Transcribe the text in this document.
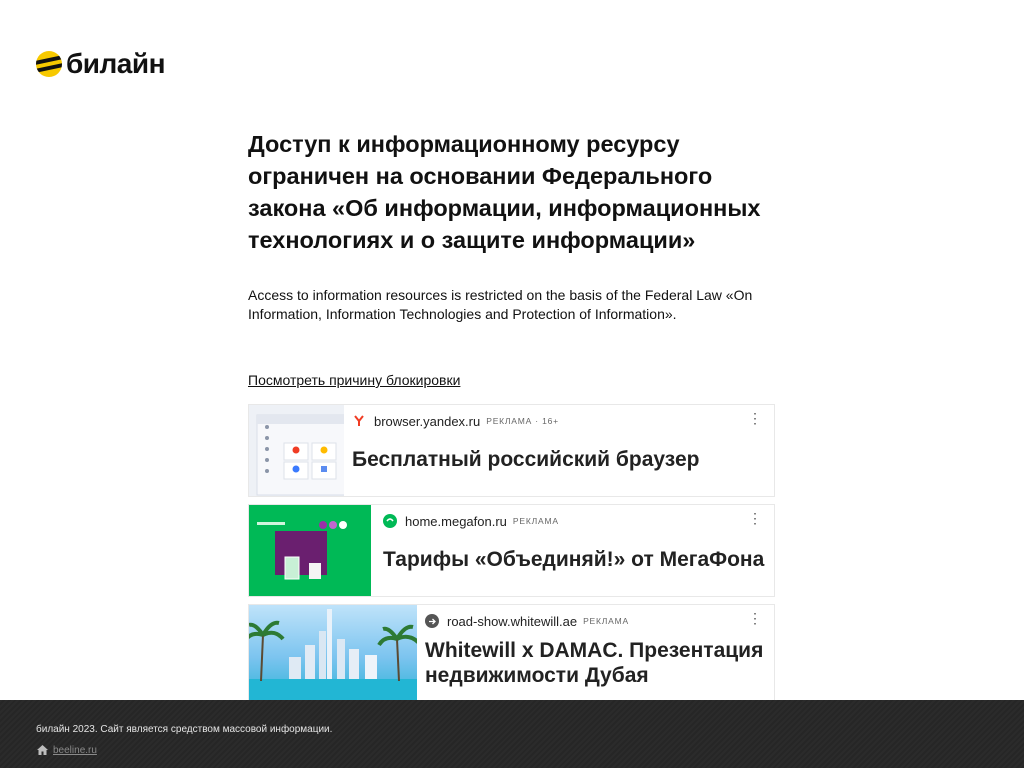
билайн
Доступ к информационному ресурсу ограничен на основании Федерального закона «Об информации, информационных технологиях и о защите информации»

Access to information resources is restricted on the basis of the Federal Law «On Information, Information Technologies and Protection of Information».

Посмотреть причину блокировки
browser.yandex.ru РЕКЛАМА · 16+
Бесплатный российский браузер
⋮
home.megafon.ru РЕКЛАМА
Тарифы «Объединяй!» от МегаФона
⋮
road-show.whitewill.ae РЕКЛАМА
Whitewill x DAMAC. Презентация недвижимости Дубая
⋮
билайн 2023. Сайт является средством массовой информации.
beeline.ru
